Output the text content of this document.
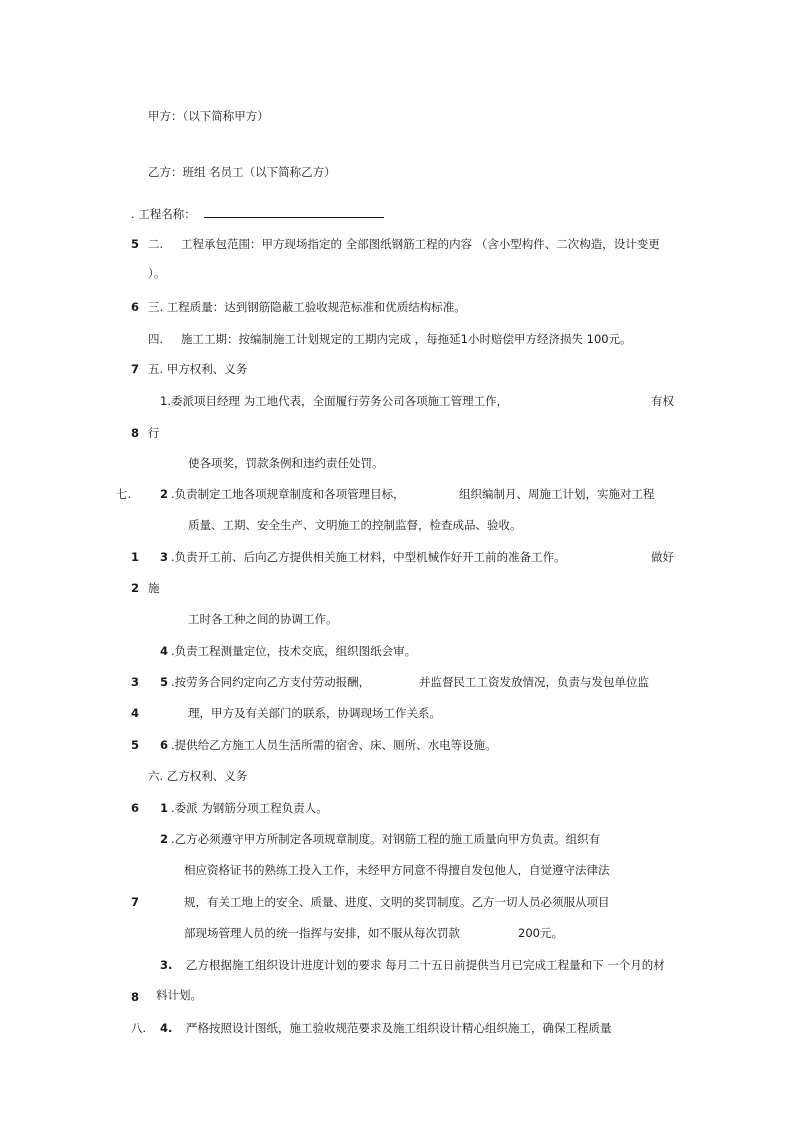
甲方：（以下简称甲方）
乙方：班组 名员工（以下简称乙方）
. 工程名称：
5 二. 工程承包范围：甲方现场指定的 全部图纸钢筋工程的内容 （含小型构件、二次构造，设计变更
）。
6 三. 工程质量：达到钢筋隐蔽工验收规范标准和优质结构标准。
四. 施工工期：按编制施工计划规定的工期内完成 ，每拖延1小时赔偿甲方经济损失 100元。
7 五. 甲方权利、义务
1.委派项目经理 为工地代表，全面履行劳务公司各项施工管理工作，	有权
8 行
使各项奖，罚款条例和违约责任处罚。
七.	2 .负责制定工地各项规章制度和各项管理目标，	组织编制月、周施工计划，实施对工程
质量、工期、安全生产、文明施工的控制监督，检查成品、验收。
1 3 .负责开工前、后向乙方提供相关施工材料，中型机械作好开工前的准备工作。	做好
2 施
工时各工种之间的协调工作。
4 .负责工程测量定位，技术交底，组织图纸会审。
3 5 .按劳务合同约定向乙方支付劳动报酬，	并监督民工工资发放情况，负责与发包单位监
4	理，甲方及有关部门的联系，协调现场工作关系。
5 6 .提供给乙方施工人员生活所需的宿舍、床、厕所、水电等设施。
六. 乙方权利、义务
6 1 .委派 为钢筋分项工程负责人。
2 .乙方必须遵守甲方所制定各项规章制度。对钢筋工程的施工质量向甲方负责。组织有
相应资格证书的熟练工投入工作，未经甲方同意不得擅自发包他人，自觉遵守法律法
7	规，有关工地上的安全、质量、进度、文明的奖罚制度。乙方一切人员必须服从项目
部现场管理人员的统一指挥与安排，如不服从每次罚款	200元。
3. 乙方根据施工组织设计进度计划的要求 每月二十五日前提供当月已完成工程量和下 一个月的材
8 料计划。
八. 4. 严格按照设计图纸，施工验收规范要求及施工组织设计精心组织施工，确保工程质量
